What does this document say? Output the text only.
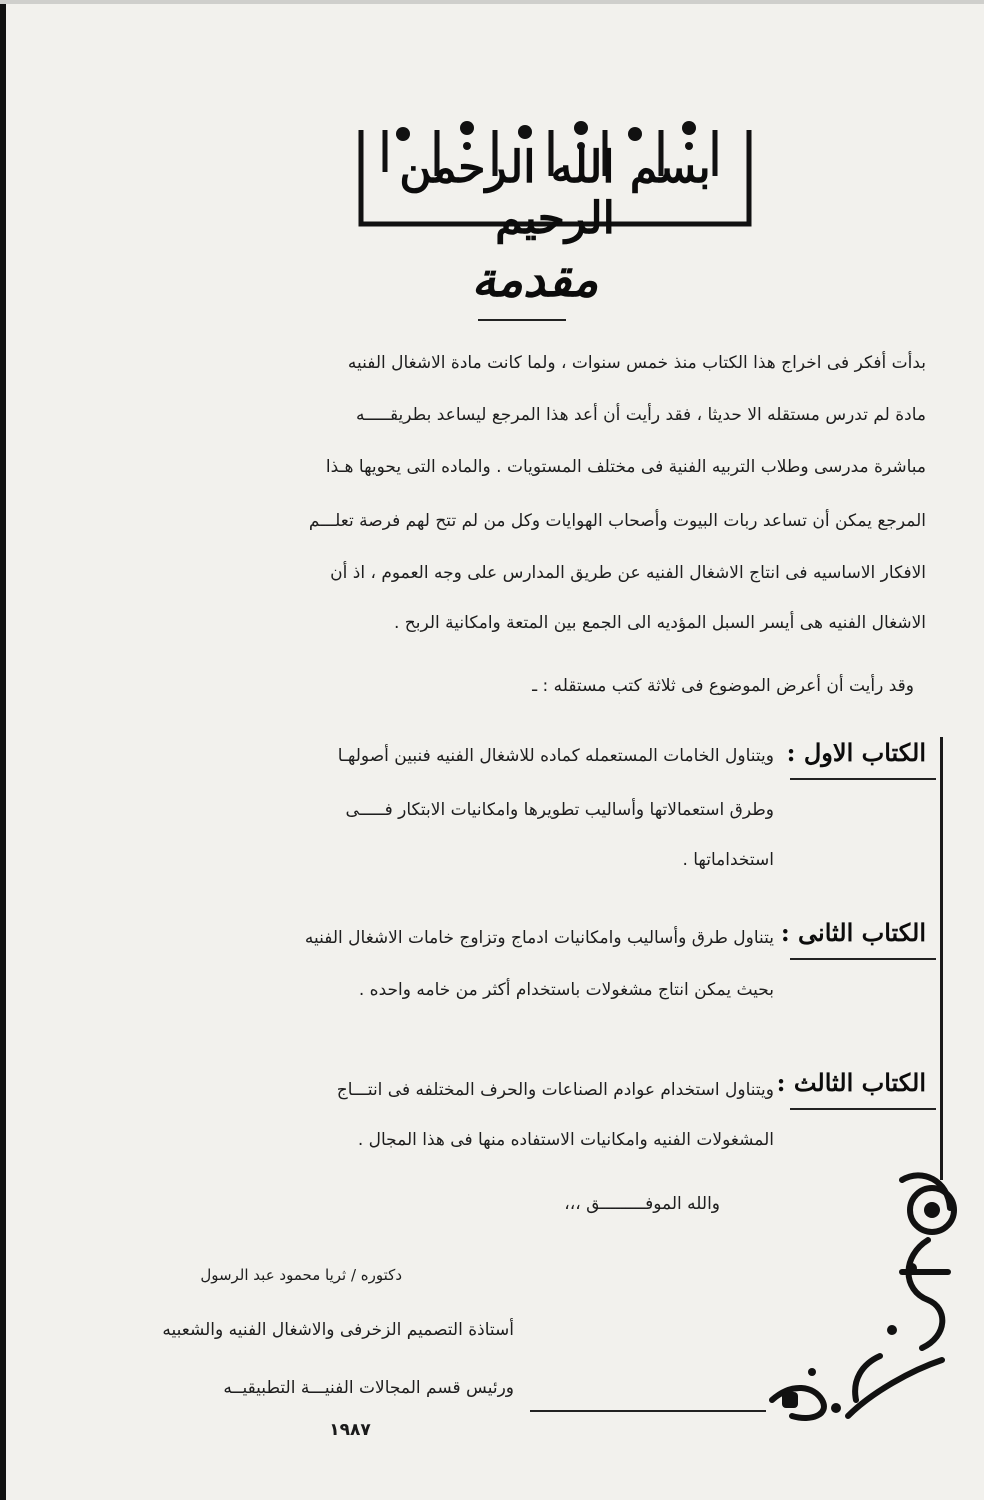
بسم الله الرحمن الرحيم
مقدمة
بدأت أفكر فى اخراج هذا الكتاب منذ خمس سنوات ، ولما كانت مادة الاشغال الفنيه
مادة لم تدرس مستقله الا حديثا ، فقد رأيت أن أعد هذا المرجع ليساعد بطريقـــــه
مباشرة مدرسى وطلاب التربيه الفنية فى مختلف المستويات . والماده التى يحويها هـذا
المرجع يمكن أن تساعد ربات البيوت وأصحاب الهوايات وكل من لم تتح لهم فرصة تعلـــم
الافكار الاساسيه فى انتاج الاشغال الفنيه عن طريق المدارس على وجه العموم ، اذ أن
الاشغال الفنيه هى أيسر السبل المؤديه الى الجمع بين المتعة وامكانية الربح .
وقد رأيت أن أعرض الموضوع فى ثلاثة كتب مستقله : ـ
الكتاب الاول :
ويتناول الخامات المستعمله كماده للاشغال الفنيه فنبين أصولهـا
وطرق استعمالاتها وأساليب تطويرها وامكانيات الابتكار فـــــى
استخداماتها .
الكتاب الثانى :
يتناول طرق وأساليب وامكانيات ادماج وتزاوج خامات الاشغال الفنيه
بحيث يمكن انتاج مشغولات باستخدام أكثر من خامه واحده .
الكتاب الثالث :
ويتناول استخدام عوادم الصناعات والحرف المختلفه فى انتـــاج
المشغولات الفنيه وامكانيات الاستفاده منها فى هذا المجال .
والله الموفـــــــــق ،،،
دكتوره / ثريا محمود عبد الرسول
أستاذة التصميم الزخرفى والاشغال الفنيه والشعبيه
ورئيس قسم المجالات الفنيـــة التطبيقيــه
١٩٨٧
